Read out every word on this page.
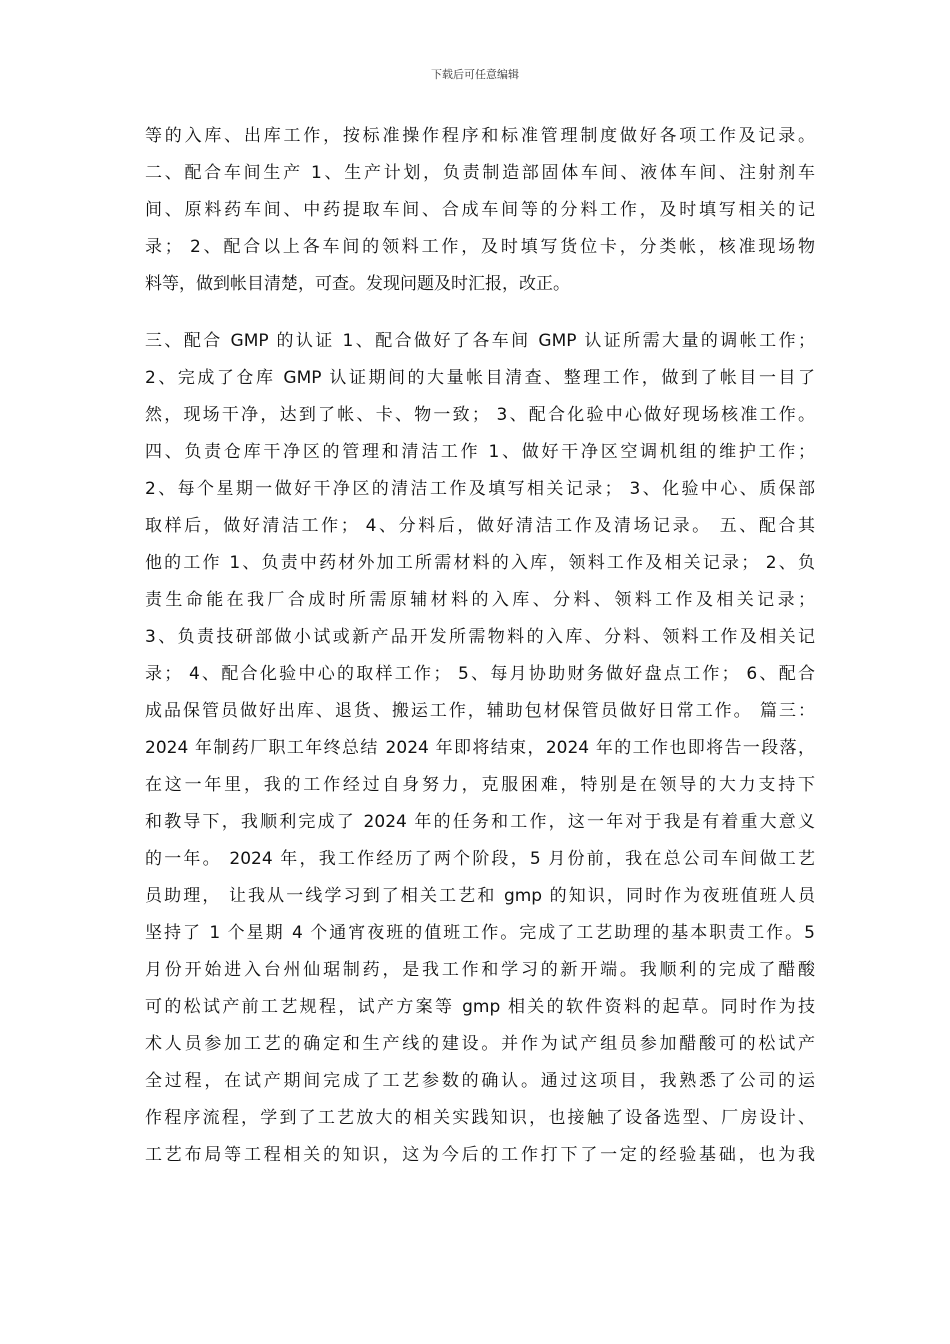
下载后可任意编辑
等的入库、出库工作，按标准操作程序和标准管理制度做好各项工作及记录。
二、配合车间生产 1、生产计划，负责制造部固体车间、液体车间、注射剂车
间、原料药车间、中药提取车间、合成车间等的分料工作，及时填写相关的记
录； 2、配合以上各车间的领料工作，及时填写货位卡，分类帐，核准现场物
料等，做到帐目清楚，可查。发现问题及时汇报，改正。
三、配合 GMP 的认证 1、配合做好了各车间 GMP 认证所需大量的调帐工作；
2、完成了仓库 GMP 认证期间的大量帐目清查、整理工作，做到了帐目一目了
然，现场干净，达到了帐、卡、物一致； 3、配合化验中心做好现场核准工作。
四、负责仓库干净区的管理和清洁工作 1、做好干净区空调机组的维护工作；
2、每个星期一做好干净区的清洁工作及填写相关记录； 3、化验中心、质保部
取样后，做好清洁工作； 4、分料后，做好清洁工作及清场记录。 五、配合其
他的工作 1、负责中药材外加工所需材料的入库，领料工作及相关记录； 2、负
责生命能在我厂合成时所需原辅材料的入库、分料、领料工作及相关记录；
3、负责技研部做小试或新产品开发所需物料的入库、分料、领料工作及相关记
录； 4、配合化验中心的取样工作； 5、每月协助财务做好盘点工作； 6、配合
成品保管员做好出库、退货、搬运工作，辅助包材保管员做好日常工作。 篇三：
2024 年制药厂职工年终总结 2024 年即将结束，2024 年的工作也即将告一段落，
在这一年里，我的工作经过自身努力，克服困难，特别是在领导的大力支持下
和教导下，我顺利完成了 2024 年的任务和工作，这一年对于我是有着重大意义
的一年。 2024 年，我工作经历了两个阶段，5 月份前，我在总公司车间做工艺
员助理， 让我从一线学习到了相关工艺和 gmp 的知识，同时作为夜班值班人员
坚持了 1 个星期 4 个通宵夜班的值班工作。完成了工艺助理的基本职责工作。5
月份开始进入台州仙琚制药，是我工作和学习的新开端。我顺利的完成了醋酸
可的松试产前工艺规程，试产方案等 gmp 相关的软件资料的起草。同时作为技
术人员参加工艺的确定和生产线的建设。并作为试产组员参加醋酸可的松试产
全过程，在试产期间完成了工艺参数的确认。通过这项目，我熟悉了公司的运
作程序流程，学到了工艺放大的相关实践知识，也接触了设备选型、厂房设计、
工艺布局等工程相关的知识，这为今后的工作打下了一定的经验基础，也为我
